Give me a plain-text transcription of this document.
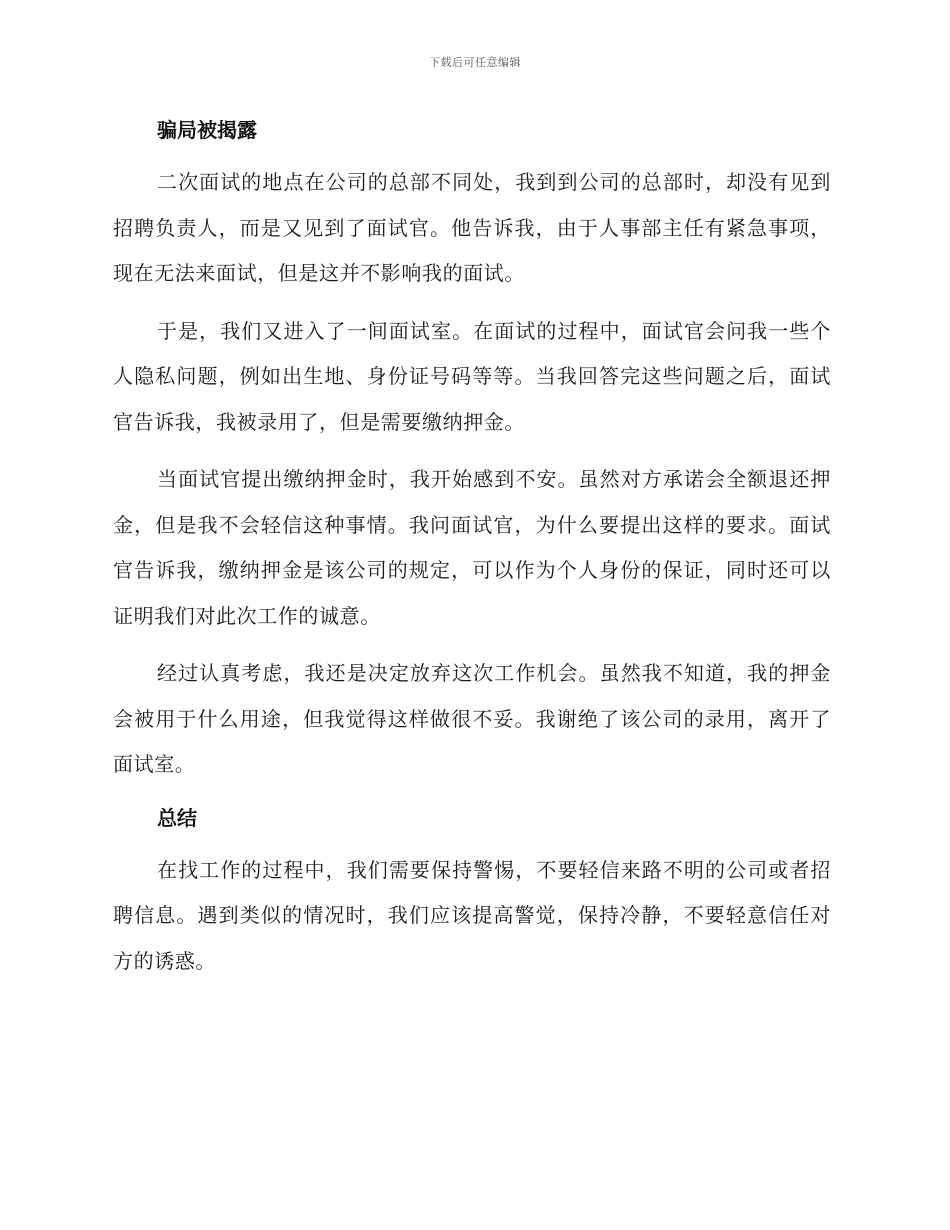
下载后可任意编辑
骗局被揭露

二次面试的地点在公司的总部不同处，我到到公司的总部时，却没有见到招聘负责人，而是又见到了面试官。他告诉我，由于人事部主任有紧急事项，现在无法来面试，但是这并不影响我的面试。

于是，我们又进入了一间面试室。在面试的过程中，面试官会问我一些个人隐私问题，例如出生地、身份证号码等等。当我回答完这些问题之后，面试官告诉我，我被录用了，但是需要缴纳押金。

当面试官提出缴纳押金时，我开始感到不安。虽然对方承诺会全额退还押金，但是我不会轻信这种事情。我问面试官，为什么要提出这样的要求。面试官告诉我，缴纳押金是该公司的规定，可以作为个人身份的保证，同时还可以证明我们对此次工作的诚意。

经过认真考虑，我还是决定放弃这次工作机会。虽然我不知道，我的押金会被用于什么用途，但我觉得这样做很不妥。我谢绝了该公司的录用，离开了面试室。

总结

在找工作的过程中，我们需要保持警惕，不要轻信来路不明的公司或者招聘信息。遇到类似的情况时，我们应该提高警觉，保持冷静，不要轻意信任对方的诱惑。
